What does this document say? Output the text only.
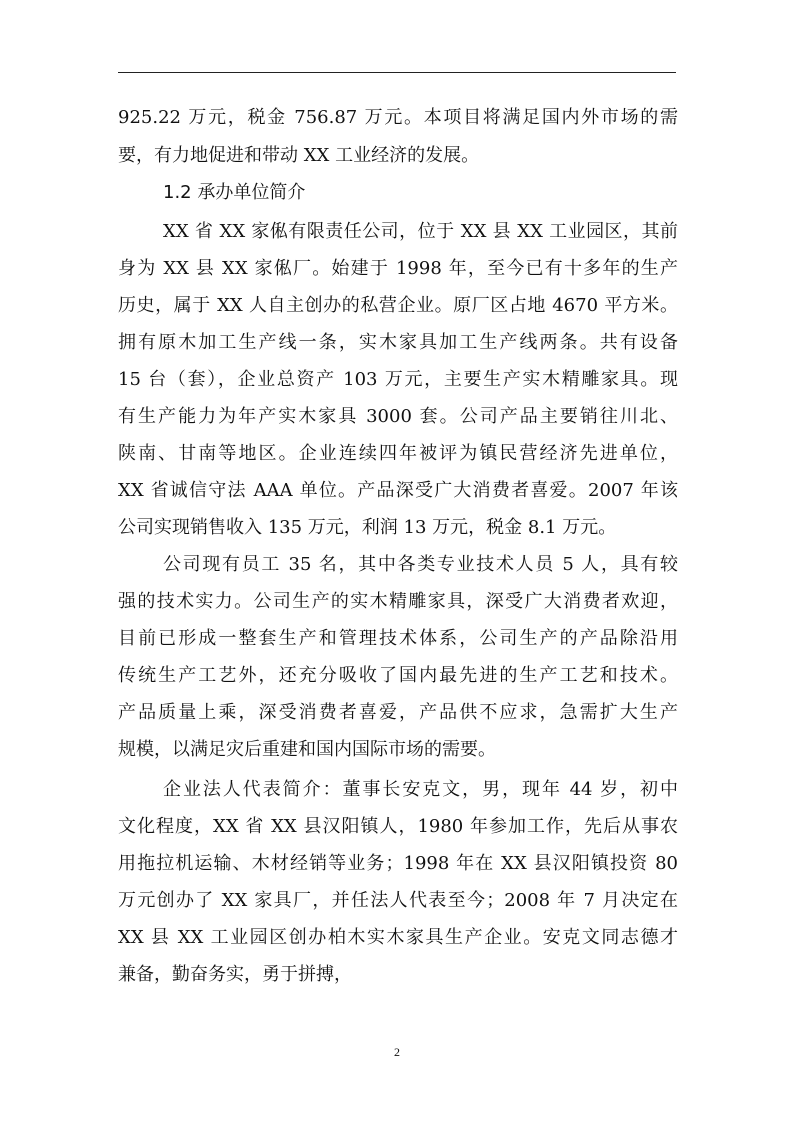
925.22 万元，税金 756.87 万元。本项目将满足国内外市场的需
要，有力地促进和带动 XX 工业经济的发展。
1.2 承办单位简介
XX 省 XX 家俬有限责任公司，位于 XX 县 XX 工业园区，其前
身为 XX 县 XX 家俬厂。始建于 1998 年，至今已有十多年的生产
历史，属于 XX 人自主创办的私营企业。原厂区占地 4670 平方米。
拥有原木加工生产线一条，实木家具加工生产线两条。共有设备
15 台（套），企业总资产 103 万元，主要生产实木精雕家具。现
有生产能力为年产实木家具 3000 套。公司产品主要销往川北、
陕南、甘南等地区。企业连续四年被评为镇民营经济先进单位，
XX 省诚信守法 AAA 单位。产品深受广大消费者喜爱。2007 年该
公司实现销售收入 135 万元，利润 13 万元，税金 8.1 万元。
公司现有员工 35 名，其中各类专业技术人员 5 人，具有较
强的技术实力。公司生产的实木精雕家具，深受广大消费者欢迎，
目前已形成一整套生产和管理技术体系，公司生产的产品除沿用
传统生产工艺外，还充分吸收了国内最先进的生产工艺和技术。
产品质量上乘，深受消费者喜爱，产品供不应求，急需扩大生产
规模，以满足灾后重建和国内国际市场的需要。
企业法人代表简介：董事长安克文，男，现年 44 岁，初中
文化程度，XX 省 XX 县汉阳镇人，1980 年参加工作，先后从事农
用拖拉机运输、木材经销等业务；1998 年在 XX 县汉阳镇投资 80
万元创办了 XX 家具厂，并任法人代表至今；2008 年 7 月决定在
XX 县 XX 工业园区创办柏木实木家具生产企业。安克文同志德才
兼备，勤奋务实，勇于拼搏，
2
